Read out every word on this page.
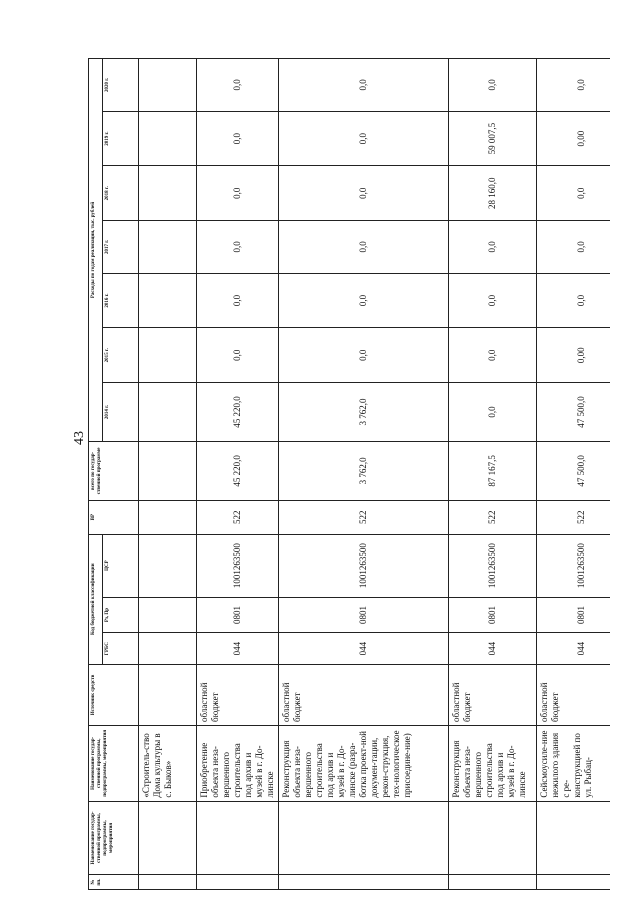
43
№ пп.	Наименование государ-ственной программы, подпрограммы, мероприятия	Наименование государ-ственной программы, подпрограммы, мероприятия	Источник средств	Код бюджетной классификации			ВР	всего по государ-ственной программе	Расходы по годам реализации, тыс. рублей						
				ГРБС	Рз, Пр	ЦСР			2014 г.	2015 г.	2016 г.	2017 г.	2018 г.	2019 г.	2020 г.
		«Строитель-ство Дома культуры в с. Быков»													
		Приобретение объекта неза-вершенного строительства под архив и музей в г. До-линске	областной бюджет	044	0801	1001263500	522	45 220,0	45 220,0	0,0	0,0	0,0	0,0	0,0	0,0
		Реконструкция объекта неза-вершенного строительства под архив и музей в г. До-линске (разра-ботка проект-ной докумен-тации, рекон-струкция, тех-нологическое присоедине-ние)	областной бюджет	044	0801	1001263500	522	3 762,0	3 762,0	0,0	0,0	0,0	0,0	0,0	0,0
		Реконструкция объекта неза-вершенного строительства под архив и музей в г. До-линске	областной бюджет	044	0801	1001263500	522	87 167,5	0,0	0,0	0,0	0,0	28 160,0	59 007,5	0,0
		Сейсмоусиле-ние нежилого здания с ре-конструкцией по ул. Рыбац-	областной бюджет	044	0801	1001263500	522	47 500,0	47 500,0	0,00	0,0	0,0	0,0	0,00	0,0
